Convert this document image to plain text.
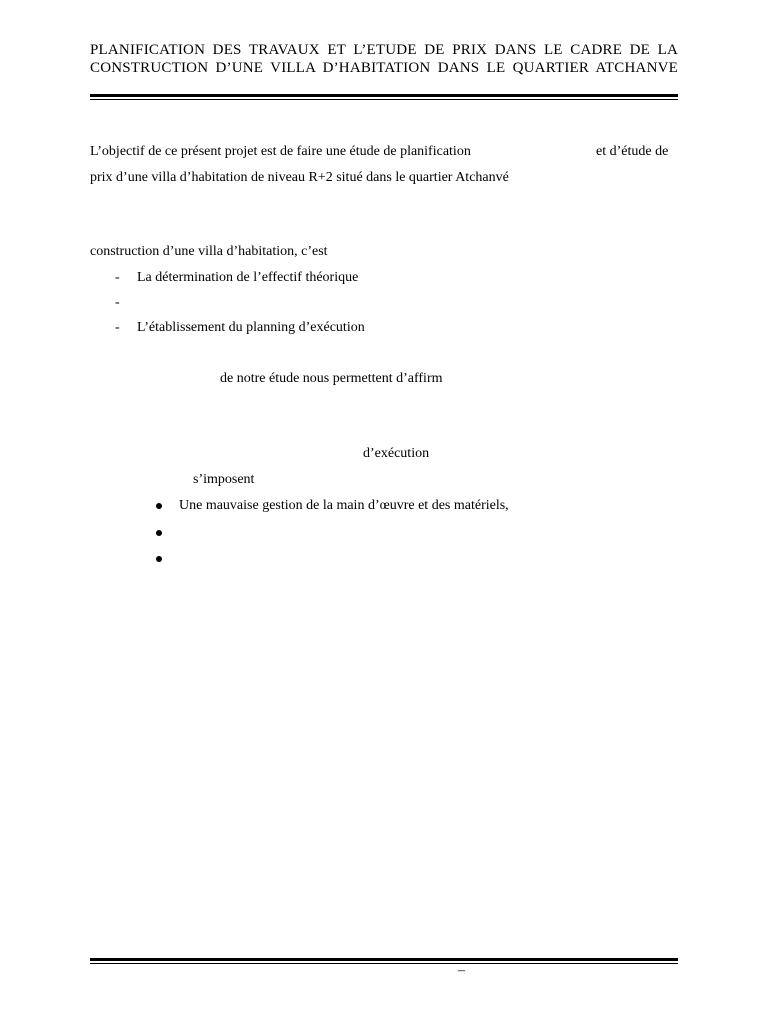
PLANIFICATION DES TRAVAUX ET L’ETUDE DE PRIX DANS LE CADRE DE LA
CONSTRUCTION D’UNE VILLA D’HABITATION DANS LE QUARTIER ATCHANVE
L’objectif de ce présent projet est de faire une étude de planification	et d’étude de
prix d’une villa d’habitation de niveau R+2 situé dans le quartier Atchanvé
construction d’une villa d’habitation, c’est
- La détermination de l’effectif théorique
-
- L’établissement du planning d’exécution
de notre étude nous permettent d’affirm
d’exécution
s’imposent
Une mauvaise gestion de la main d’œuvre et des matériels,
–
